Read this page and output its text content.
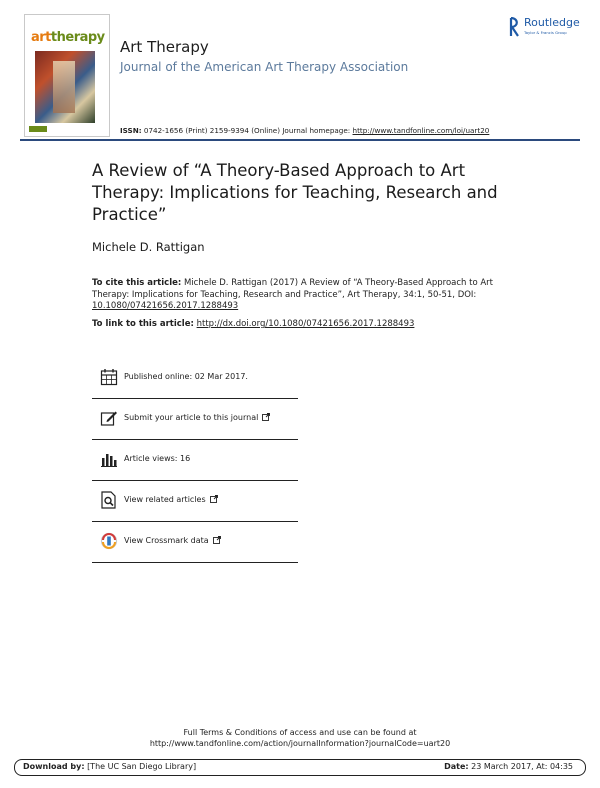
arttherapy
Art Therapy
Journal of the American Art Therapy Association
ISSN: 0742-1656 (Print) 2159-9394 (Online) Journal homepage: http://www.tandfonline.com/loi/uart20
Routledge
Taylor & Francis Group
A Review of “A Theory-Based Approach to Art Therapy: Implications for Teaching, Research and Practice”
Michele D. Rattigan
To cite this article: Michele D. Rattigan (2017) A Review of “A Theory-Based Approach to Art Therapy: Implications for Teaching, Research and Practice”, Art Therapy, 34:1, 50-51, DOI: 10.1080/07421656.2017.1288493
To link to this article: http://dx.doi.org/10.1080/07421656.2017.1288493
Published online: 02 Mar 2017.
Submit your article to this journal
Article views: 16
View related articles
View Crossmark data
Full Terms & Conditions of access and use can be found at
http://www.tandfonline.com/action/journalInformation?journalCode=uart20
Download by: [The UC San Diego Library]	Date: 23 March 2017, At: 04:35
